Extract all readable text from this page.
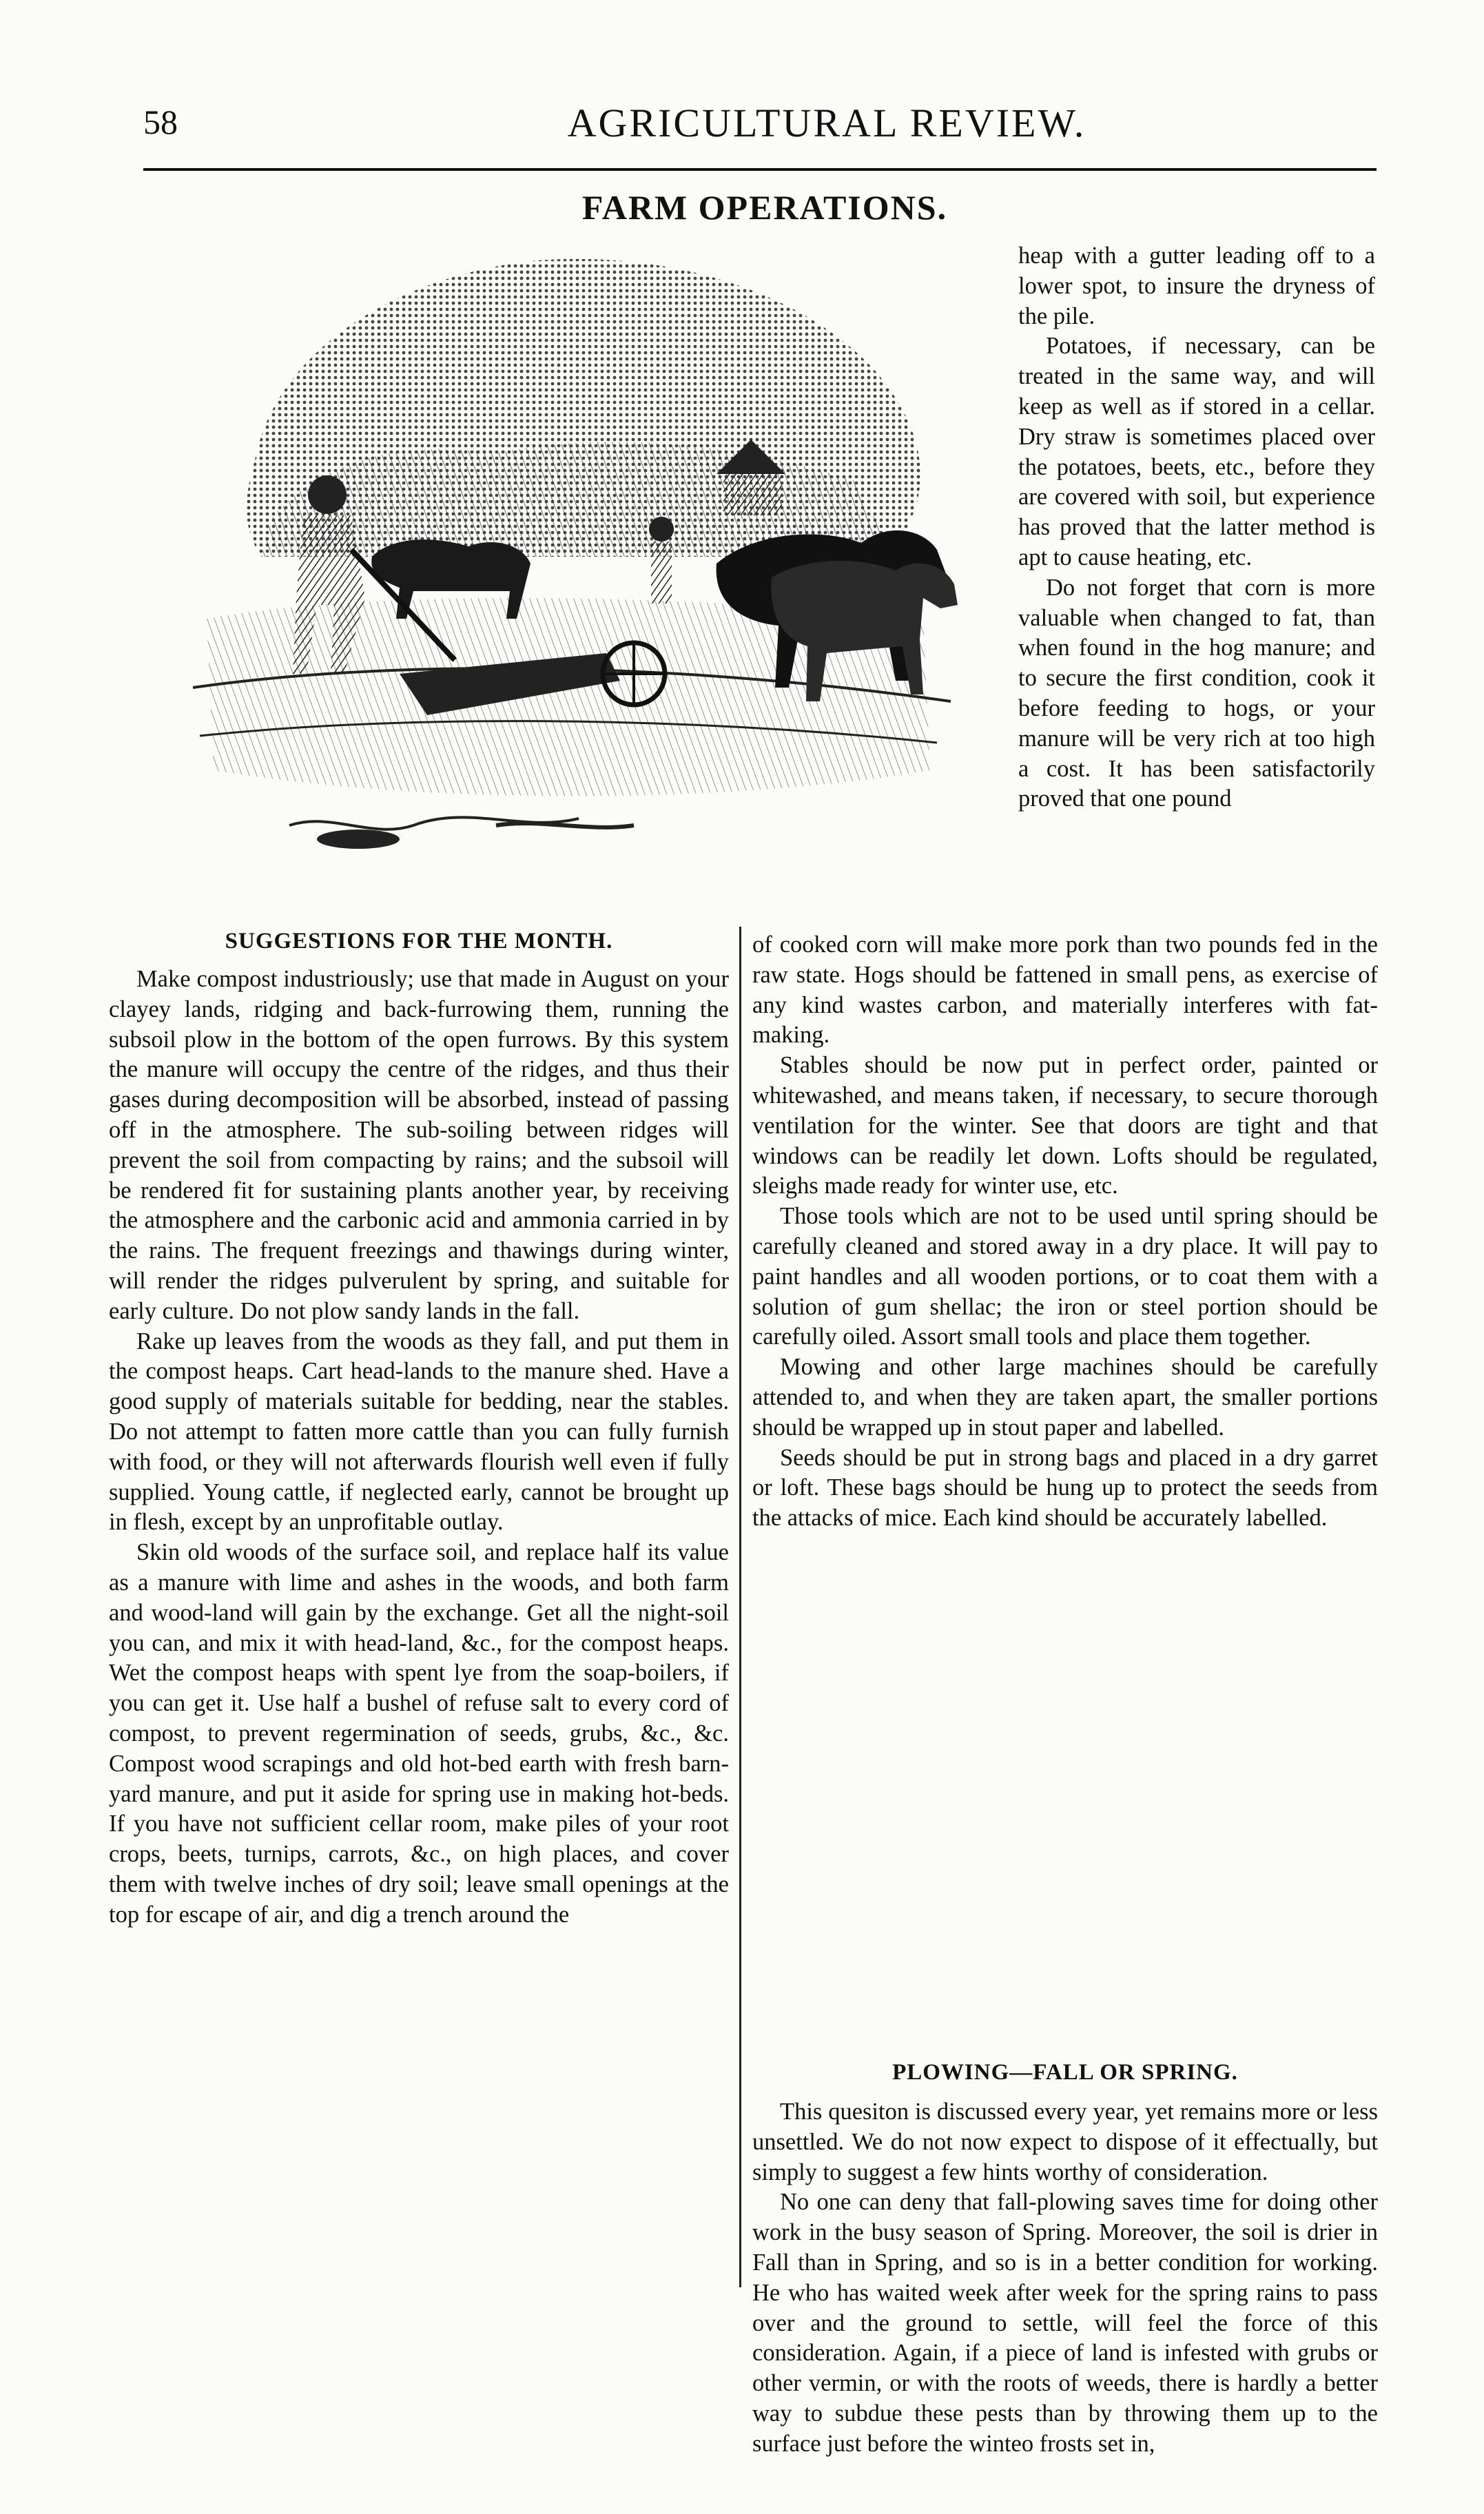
58	AGRICULTURAL REVIEW.
FARM OPERATIONS.

heap with a gutter leading off to a lower spot, to insure the dryness of the pile.

Potatoes, if necessary, can be treated in the same way, and will keep as well as if stored in a cellar. Dry straw is sometimes placed over the potatoes, beets, etc., before they are covered with soil, but experience has proved that the latter method is apt to cause heating, etc.

Do not forget that corn is more valuable when changed to fat, than when found in the hog manure; and to secure the first condition, cook it before feeding to hogs, or your manure will be very rich at too high a cost. It has been satisfactorily proved that one pound

SUGGESTIONS FOR THE MONTH.

Make compost industriously; use that made in August on your clayey lands, ridging and back-furrowing them, running the subsoil plow in the bottom of the open furrows. By this system the manure will occupy the centre of the ridges, and thus their gases during decomposition will be absorbed, instead of passing off in the atmosphere. The sub-soiling between ridges will prevent the soil from compacting by rains; and the subsoil will be rendered fit for sustaining plants another year, by receiving the atmosphere and the carbonic acid and ammonia carried in by the rains. The frequent freezings and thawings during winter, will render the ridges pulverulent by spring, and suitable for early culture. Do not plow sandy lands in the fall.

Rake up leaves from the woods as they fall, and put them in the compost heaps. Cart head-lands to the manure shed. Have a good supply of materials suitable for bedding, near the stables. Do not attempt to fatten more cattle than you can fully furnish with food, or they will not afterwards flourish well even if fully supplied. Young cattle, if neglected early, cannot be brought up in flesh, except by an unprofitable outlay.

Skin old woods of the surface soil, and replace half its value as a manure with lime and ashes in the woods, and both farm and wood-land will gain by the exchange. Get all the night-soil you can, and mix it with head-land, &c., for the compost heaps. Wet the compost heaps with spent lye from the soap-boilers, if you can get it. Use half a bushel of refuse salt to every cord of compost, to prevent regermination of seeds, grubs, &c., &c. Compost wood scrapings and old hot-bed earth with fresh barn-yard manure, and put it aside for spring use in making hot-beds. If you have not sufficient cellar room, make piles of your root crops, beets, turnips, carrots, &c., on high places, and cover them with twelve inches of dry soil; leave small openings at the top for escape of air, and dig a trench around the

of cooked corn will make more pork than two pounds fed in the raw state. Hogs should be fattened in small pens, as exercise of any kind wastes carbon, and materially interferes with fat-making.

Stables should be now put in perfect order, painted or whitewashed, and means taken, if necessary, to secure thorough ventilation for the winter. See that doors are tight and that windows can be readily let down. Lofts should be regulated, sleighs made ready for winter use, etc.

Those tools which are not to be used until spring should be carefully cleaned and stored away in a dry place. It will pay to paint handles and all wooden portions, or to coat them with a solution of gum shellac; the iron or steel portion should be carefully oiled. Assort small tools and place them together.

Mowing and other large machines should be carefully attended to, and when they are taken apart, the smaller portions should be wrapped up in stout paper and labelled.

Seeds should be put in strong bags and placed in a dry garret or loft. These bags should be hung up to protect the seeds from the attacks of mice. Each kind should be accurately labelled.

PLOWING—FALL OR SPRING.

This quesiton is discussed every year, yet remains more or less unsettled. We do not now expect to dispose of it effectually, but simply to suggest a few hints worthy of consideration.

No one can deny that fall-plowing saves time for doing other work in the busy season of Spring. Moreover, the soil is drier in Fall than in Spring, and so is in a better condition for working. He who has waited week after week for the spring rains to pass over and the ground to settle, will feel the force of this consideration. Again, if a piece of land is infested with grubs or other vermin, or with the roots of weeds, there is hardly a better way to subdue these pests than by throwing them up to the surface just before the winteo frosts set in,
